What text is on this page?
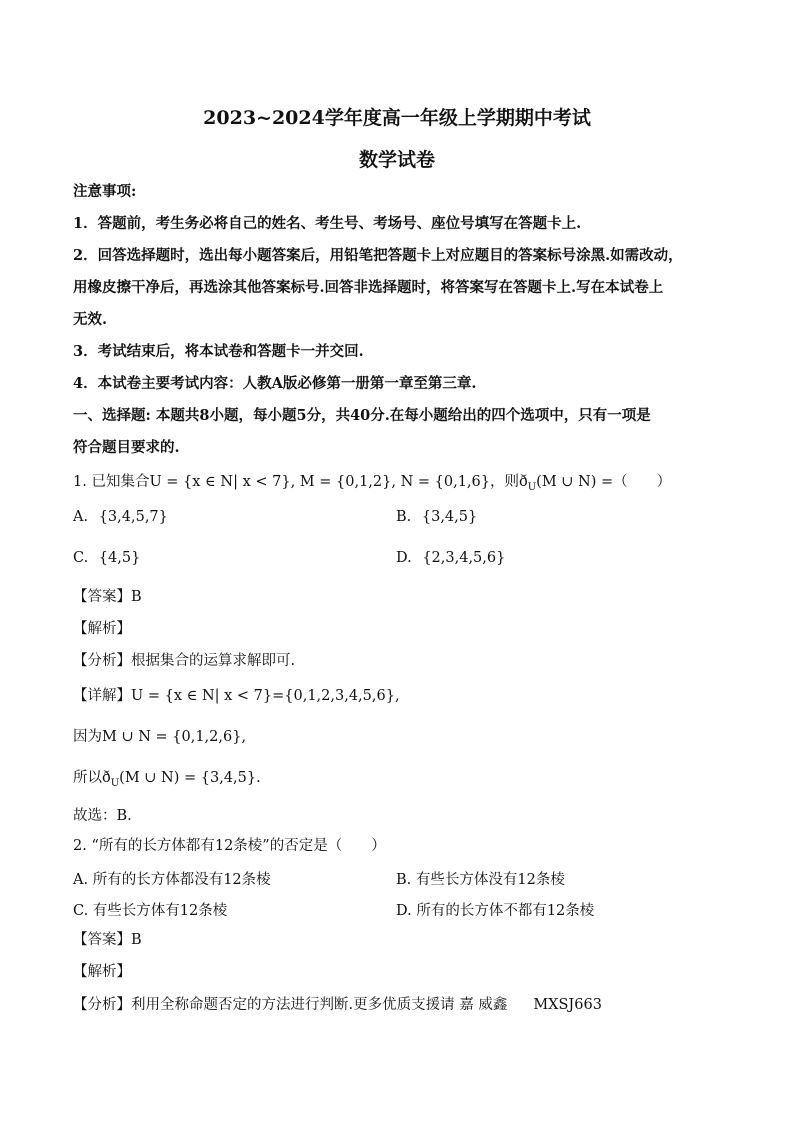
2023~2024学年度高一年级上学期期中考试
数学试卷
注意事项:
1．答题前，考生务必将自己的姓名、考生号、考场号、座位号填写在答题卡上.
2．回答选择题时，选出每小题答案后，用铅笔把答题卡上对应题目的答案标号涂黑.如需改动，
用橡皮擦干净后，再选涂其他答案标号.回答非选择题时，将答案写在答题卡上.写在本试卷上
无效.
3．考试结束后，将本试卷和答题卡一并交回.
4．本试卷主要考试内容：人教A版必修第一册第一章至第三章.
一、选择题: 本题共8小题，每小题5分，共40分.在每小题给出的四个选项中，只有一项是
符合题目要求的.
1. 已知集合U = {x ∈ N| x < 7}, M = {0,1,2}, N = {0,1,6}，则$ð_U(M$ ∪ N) =（　　）
A. {3,4,5,7}	B. {3,4,5}
C. {4,5}	D. {2,3,4,5,6}
【答案】B
【解析】
【分析】根据集合的运算求解即可.
【详解】U = {x ∈ N| x < 7}={0,1,2,3,4,5,6},
因为M ∪ N = {0,1,2,6},
所以$ð_U(M$ ∪ N) = {3,4,5}.
故选：B.
2. “所有的长方体都有12条棱”的否定是（　　）
A. 所有的长方体都没有12条棱	B. 有些长方体没有12条棱
C. 有些长方体有12条棱	D. 所有的长方体不都有12条棱
【答案】B
【解析】
【分析】利用全称命题否定的方法进行判断.更多优质支援请 嘉 威鑫 MXSJ663
